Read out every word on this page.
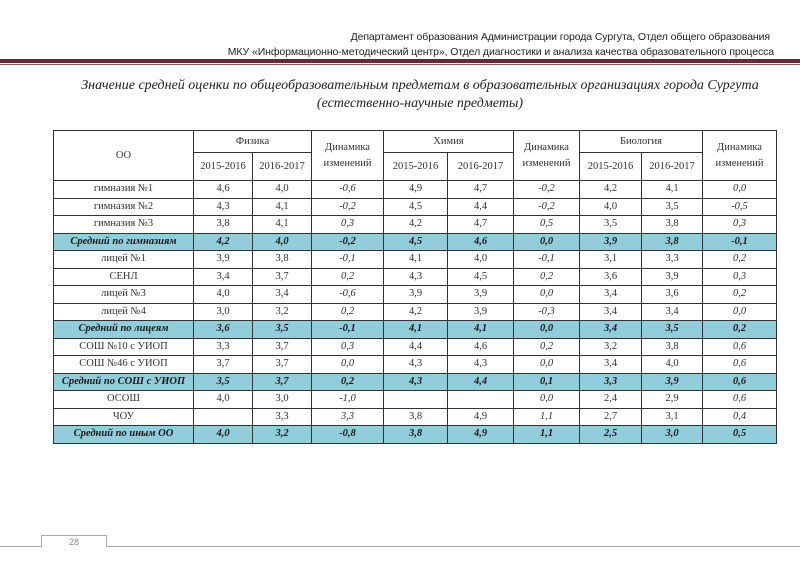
Департамент образования Администрации города Сургута, Отдел общего образования
МКУ «Информационно-методический центр», Отдел диагностики и анализа качества образовательного процесса
Значение средней оценки по общеобразовательным предметам в образовательных организациях города Сургута
(естественно-научные предметы)
ОО	Физика		Динамика изменений	Химия		Динамика изменений	Биология		Динамика изменений
	2015-2016	2016-2017		2015-2016	2016-2017		2015-2016	2016-2017	
гимназия №1	4,6	4,0	-0,6	4,9	4,7	-0,2	4,2	4,1	0,0
гимназия №2	4,3	4,1	-0,2	4,5	4,4	-0,2	4,0	3,5	-0,5
гимназия №3	3,8	4,1	0,3	4,2	4,7	0,5	3,5	3,8	0,3
Средний по гимназиям	4,2	4,0	-0,2	4,5	4,6	0,0	3,9	3,8	-0,1
лицей №1	3,9	3,8	-0,1	4,1	4,0	-0,1	3,1	3,3	0,2
СЕНЛ	3,4	3,7	0,2	4,3	4,5	0,2	3,6	3,9	0,3
лицей №3	4,0	3,4	-0,6	3,9	3,9	0,0	3,4	3,6	0,2
лицей №4	3,0	3,2	0,2	4,2	3,9	-0,3	3,4	3,4	0,0
Средний по лицеям	3,6	3,5	-0,1	4,1	4,1	0,0	3,4	3,5	0,2
СОШ №10 с УИОП	3,3	3,7	0,3	4,4	4,6	0,2	3,2	3,8	0,6
СОШ №46 с УИОП	3,7	3,7	0,0	4,3	4,3	0,0	3,4	4,0	0,6
Средний по СОШ с УИОП	3,5	3,7	0,2	4,3	4,4	0,1	3,3	3,9	0,6
ОСОШ	4,0	3,0	-1,0			0,0	2,4	2,9	0,6
ЧОУ		3,3	3,3	3,8	4,9	1,1	2,7	3,1	0,4
Средний по иным ОО	4,0	3,2	-0,8	3,8	4,9	1,1	2,5	3,0	0,5
28
